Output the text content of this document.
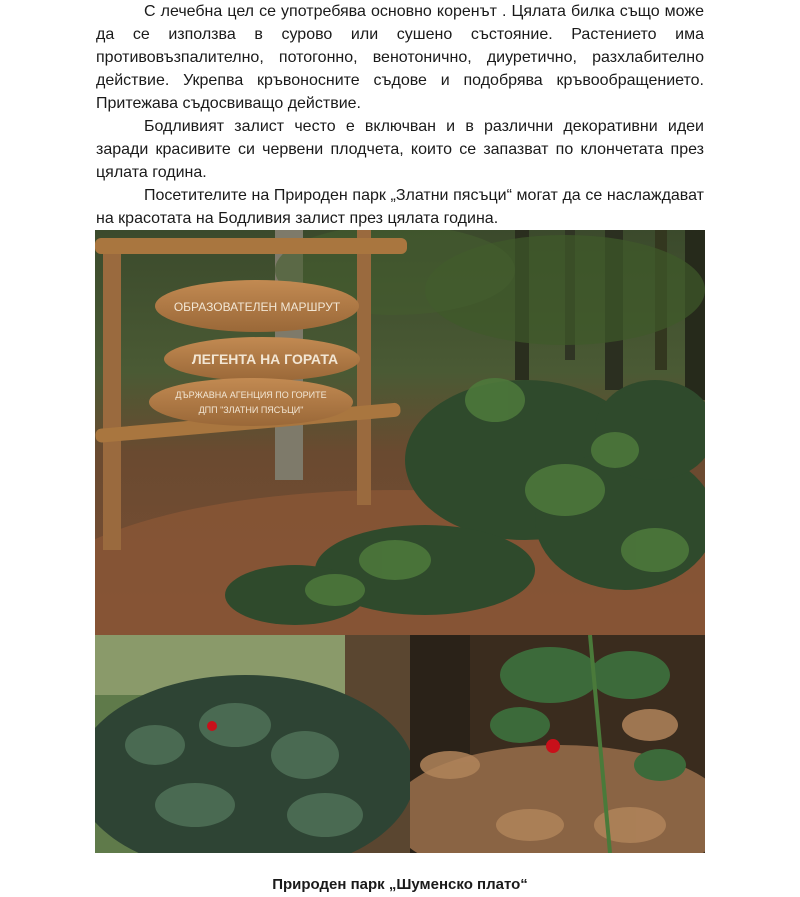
С лечебна цел се употребява основно коренът . Цялата билка също може да се използва в сурово или сушено състояние. Растението има противовъзпалително, потогонно, венотонично, диуретично, разхлабително действие. Укрепва кръвоносните съдове и подобрява кръвообращението. Притежава съдосвиващо действие.

Бодливият залист често е включван и в различни декоративни идеи заради красивите си червени плодчета, които се запазват по клончетата през цялата година.

Посетителите на Природен парк „Златни пясъци“ могат да се наслаждават на красотата на Бодливия залист през цялата година.

ОБРАЗОВАТЕЛЕН МАРШРУТ
ЛЕГЕНТА НА ГОРАТА
ДЪРЖАВНА АГЕНЦИЯ ПО ГОРИТЕ
ДПП "ЗЛАТНИ ПЯСЪЦИ"
Природен парк „Шуменско плато“
